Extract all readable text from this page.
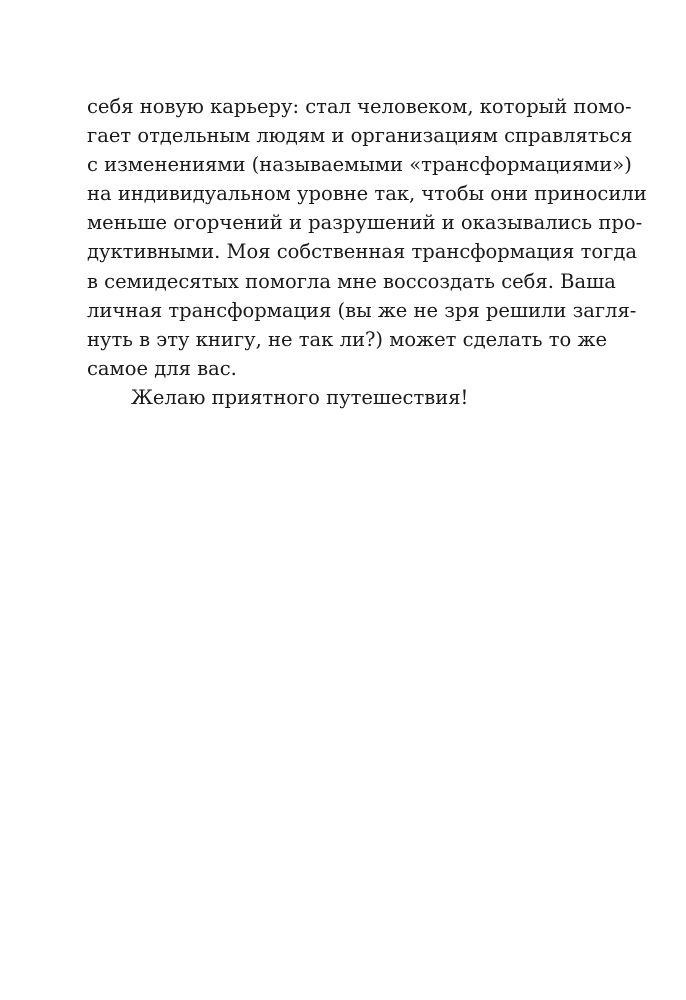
себя новую карьеру: стал человеком, который помо-
гает отдельным людям и организациям справляться
с изменениями (называемыми «трансформациями»)
на индивидуальном уровне так, чтобы они приносили
меньше огорчений и разрушений и оказывались про-
дуктивными. Моя собственная трансформация тогда
в семидесятых помогла мне воссоздать себя. Ваша
личная трансформация (вы же не зря решили загля-
нуть в эту книгу, не так ли?) может сделать то же
самое для вас.
Желаю приятного путешествия!
